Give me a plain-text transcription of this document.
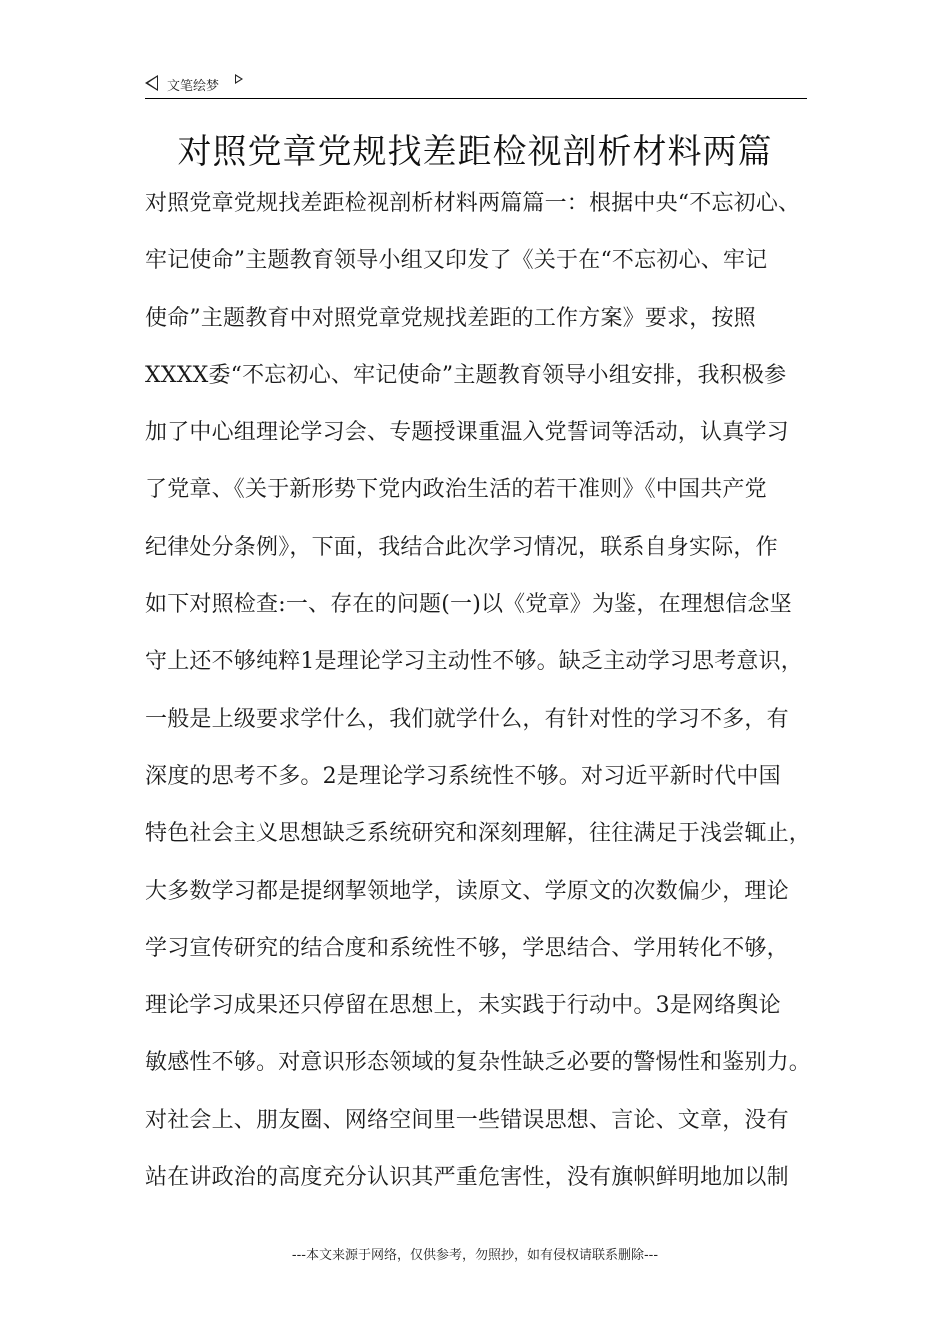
文笔绘梦
对照党章党规找差距检视剖析材料两篇
对照党章党规找差距检视剖析材料两篇篇一：根据中央“不忘初心、
牢记使命”主题教育领导小组又印发了《关于在“不忘初心、牢记
使命”主题教育中对照党章党规找差距的工作方案》要求，按照
XXXX委“不忘初心、牢记使命”主题教育领导小组安排，我积极参
加了中心组理论学习会、专题授课重温入党誓词等活动，认真学习
了党章、《关于新形势下党内政治生活的若干准则》《中国共产党
纪律处分条例》，下面，我结合此次学习情况，联系自身实际，作
如下对照检查:一、存在的问题(一)以《党章》为鉴，在理想信念坚
守上还不够纯粹1是理论学习主动性不够。缺乏主动学习思考意识，
一般是上级要求学什么，我们就学什么，有针对性的学习不多，有
深度的思考不多。2是理论学习系统性不够。对习近平新时代中国
特色社会主义思想缺乏系统研究和深刻理解，往往满足于浅尝辄止，
大多数学习都是提纲挈领地学，读原文、学原文的次数偏少，理论
学习宣传研究的结合度和系统性不够，学思结合、学用转化不够，
理论学习成果还只停留在思想上，未实践于行动中。3是网络舆论
敏感性不够。对意识形态领域的复杂性缺乏必要的警惕性和鉴别力。
对社会上、朋友圈、网络空间里一些错误思想、言论、文章，没有
站在讲政治的高度充分认识其严重危害性，没有旗帜鲜明地加以制
---本文来源于网络，仅供参考，勿照抄，如有侵权请联系删除---
